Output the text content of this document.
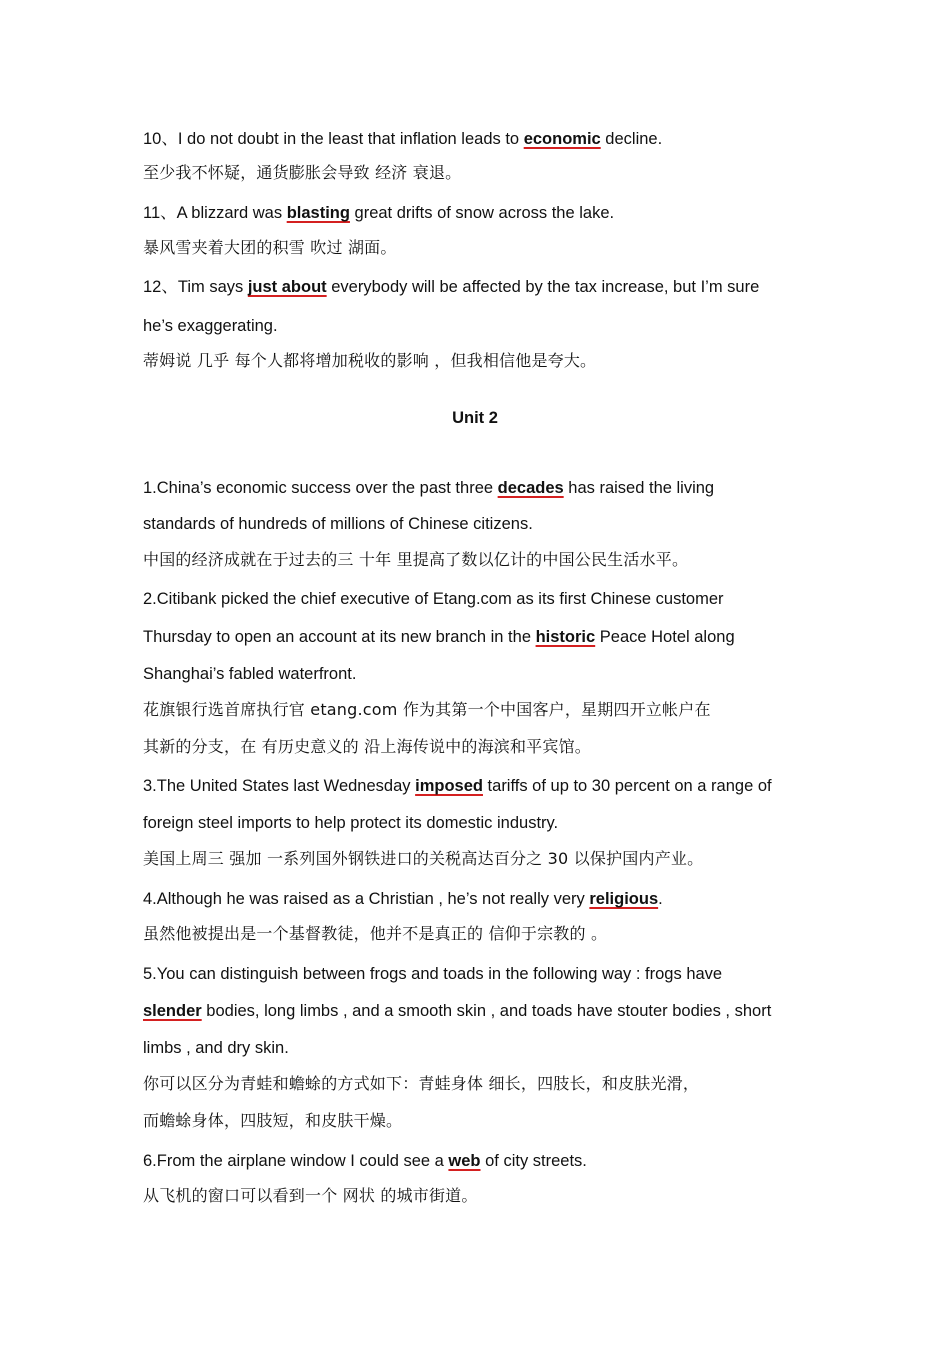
10、I do not doubt in the least that inflation leads to economic decline.
至少我不怀疑，通货膨胀会导致 经济 衰退。
11、A blizzard was blasting great drifts of snow across the lake.
暴风雪夹着大团的积雪 吹过 湖面。
12、Tim says just about everybody will be affected by the tax increase, but I’m sure
he’s exaggerating.
蒂姆说 几乎 每个人都将增加税收的影响 ，但我相信他是夸大。
Unit 2
1.China’s economic success over the past three decades has raised the living
standards of hundreds of millions of Chinese citizens.
中国的经济成就在于过去的三 十年 里提高了数以亿计的中国公民生活水平。
2.Citibank picked the chief executive of Etang.com as its first Chinese customer
Thursday to open an account at its new branch in the historic Peace Hotel along
Shanghai’s fabled waterfront.
花旗银行选首席执行官 etang.com 作为其第一个中国客户，星期四开立帐户在
其新的分支，在 有历史意义的 沿上海传说中的海滨和平宾馆。
3.The United States last Wednesday imposed tariffs of up to 30 percent on a range of
foreign steel imports to help protect its domestic industry.
美国上周三 强加 一系列国外钢铁进口的关税高达百分之 30 以保护国内产业。
4.Although he was raised as a Christian , he’s not really very religious.
虽然他被提出是一个基督教徒，他并不是真正的 信仰于宗教的 。
5.You can distinguish between frogs and toads in the following way : frogs have
slender bodies, long limbs , and a smooth skin , and toads have stouter bodies , short
limbs , and dry skin.
你可以区分为青蛙和蟾蜍的方式如下：青蛙身体 细长，四肢长，和皮肤光滑，
而蟾蜍身体，四肢短，和皮肤干燥。
6.From the airplane window I could see a web of city streets.
从飞机的窗口可以看到一个 网状 的城市街道。
